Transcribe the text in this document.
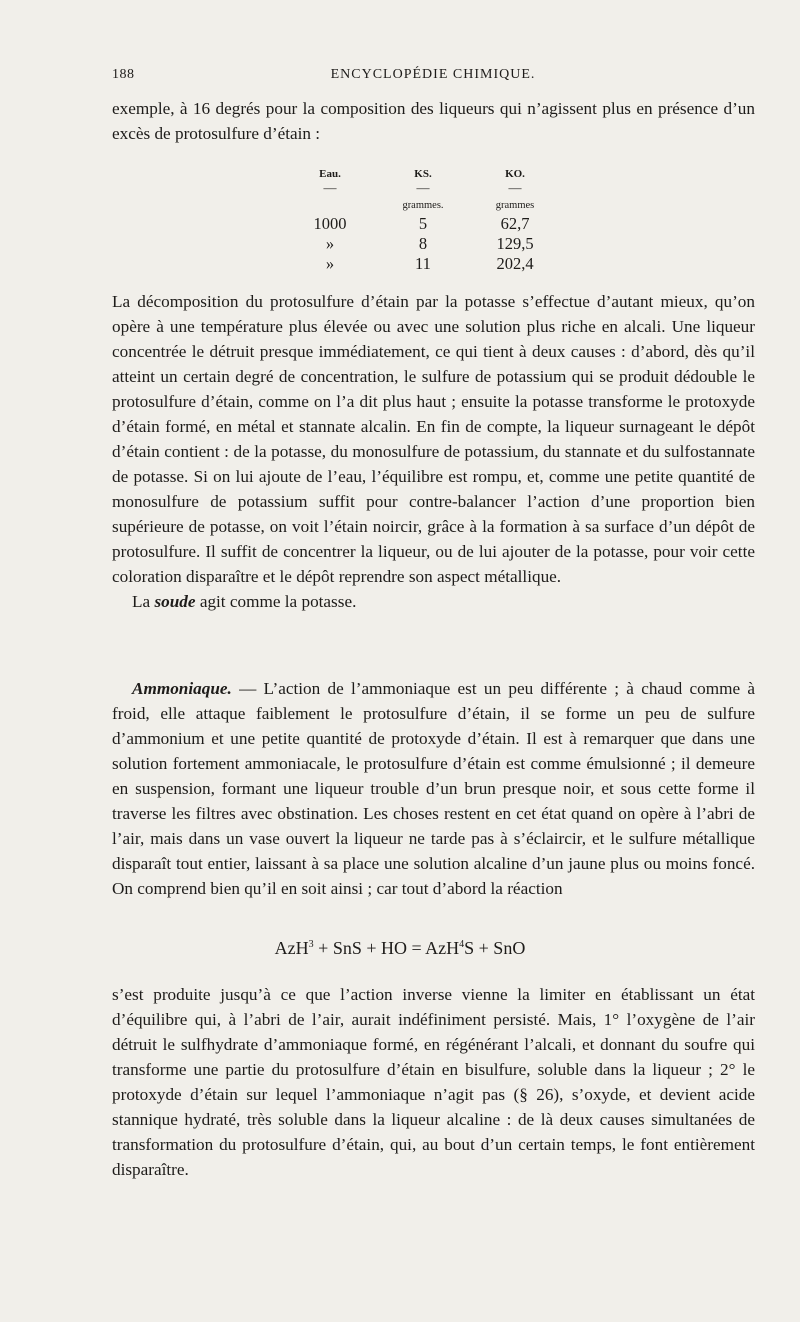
188	ENCYCLOPÉDIE CHIMIQUE.

exemple, à 16 degrés pour la composition des liqueurs qui n’agissent plus en présence d’un excès de protosulfure d’étain :

Eau.
—
1000
»
»
KS.
—
grammes.
5
8
11
KO.
—
grammes
62,7
129,5
202,4

La décomposition du protosulfure d’étain par la potasse s’effectue d’autant mieux, qu’on opère à une température plus élevée ou avec une solution plus riche en alcali. Une liqueur concentrée le détruit presque immédiatement, ce qui tient à deux causes : d’abord, dès qu’il atteint un certain degré de concentration, le sulfure de potassium qui se produit dédouble le protosulfure d’étain, comme on l’a dit plus haut ; ensuite la potasse transforme le protoxyde d’étain formé, en métal et stannate alcalin. En fin de compte, la liqueur surnageant le dépôt d’étain contient : de la potasse, du monosulfure de potassium, du stannate et du sulfostannate de potasse. Si on lui ajoute de l’eau, l’équilibre est rompu, et, comme une petite quantité de monosulfure de potassium suffit pour contre-balancer l’action d’une proportion bien supérieure de potasse, on voit l’étain noircir, grâce à la formation à sa surface d’un dépôt de protosulfure. Il suffit de concentrer la liqueur, ou de lui ajouter de la potasse, pour voir cette coloration disparaître et le dépôt reprendre son aspect métallique.

La soude agit comme la potasse.

Ammoniaque. — L’action de l’ammoniaque est un peu différente ; à chaud comme à froid, elle attaque faiblement le protosulfure d’étain, il se forme un peu de sulfure d’ammonium et une petite quantité de protoxyde d’étain. Il est à remarquer que dans une solution fortement ammoniacale, le protosulfure d’étain est comme émulsionné ; il demeure en suspension, formant une liqueur trouble d’un brun presque noir, et sous cette forme il traverse les filtres avec obstination. Les choses restent en cet état quand on opère à l’abri de l’air, mais dans un vase ouvert la liqueur ne tarde pas à s’éclaircir, et le sulfure métallique disparaît tout entier, laissant à sa place une solution alcaline d’un jaune plus ou moins foncé. On comprend bien qu’il en soit ainsi ; car tout d’abord la réaction

AzH$^3$ + SnS + HO = AzH$^4$S + SnO

s’est produite jusqu’à ce que l’action inverse vienne la limiter en établissant un état d’équilibre qui, à l’abri de l’air, aurait indéfiniment persisté. Mais, 1° l’oxygène de l’air détruit le sulfhydrate d’ammoniaque formé, en régénérant l’alcali, et donnant du soufre qui transforme une partie du protosulfure d’étain en bisulfure, soluble dans la liqueur ; 2° le protoxyde d’étain sur lequel l’ammoniaque n’agit pas (§ 26), s’oxyde, et devient acide stannique hydraté, très soluble dans la liqueur alcaline : de là deux causes simultanées de transformation du protosulfure d’étain, qui, au bout d’un certain temps, le font entièrement disparaître.
